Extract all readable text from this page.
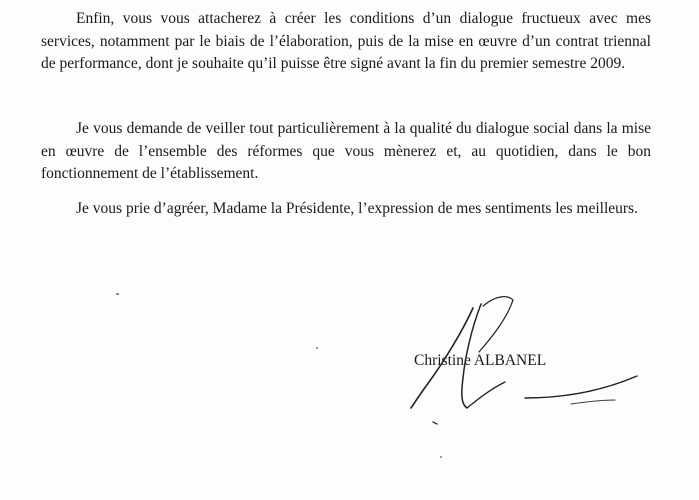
Enfin, vous vous attacherez à créer les conditions d’un dialogue fructueux avec mes services, notamment par le biais de l’élaboration, puis de la mise en œuvre d’un contrat triennal de performance, dont je souhaite qu’il puisse être signé avant la fin du premier semestre 2009.

Je vous demande de veiller tout particulièrement à la qualité du dialogue social dans la mise en œuvre de l’ensemble des réformes que vous mènerez et, au quotidien, dans le bon fonctionnement de l’établissement.

Je vous prie d’agréer, Madame la Présidente, l’expression de mes sentiments les meilleurs.

Christine ALBANEL
